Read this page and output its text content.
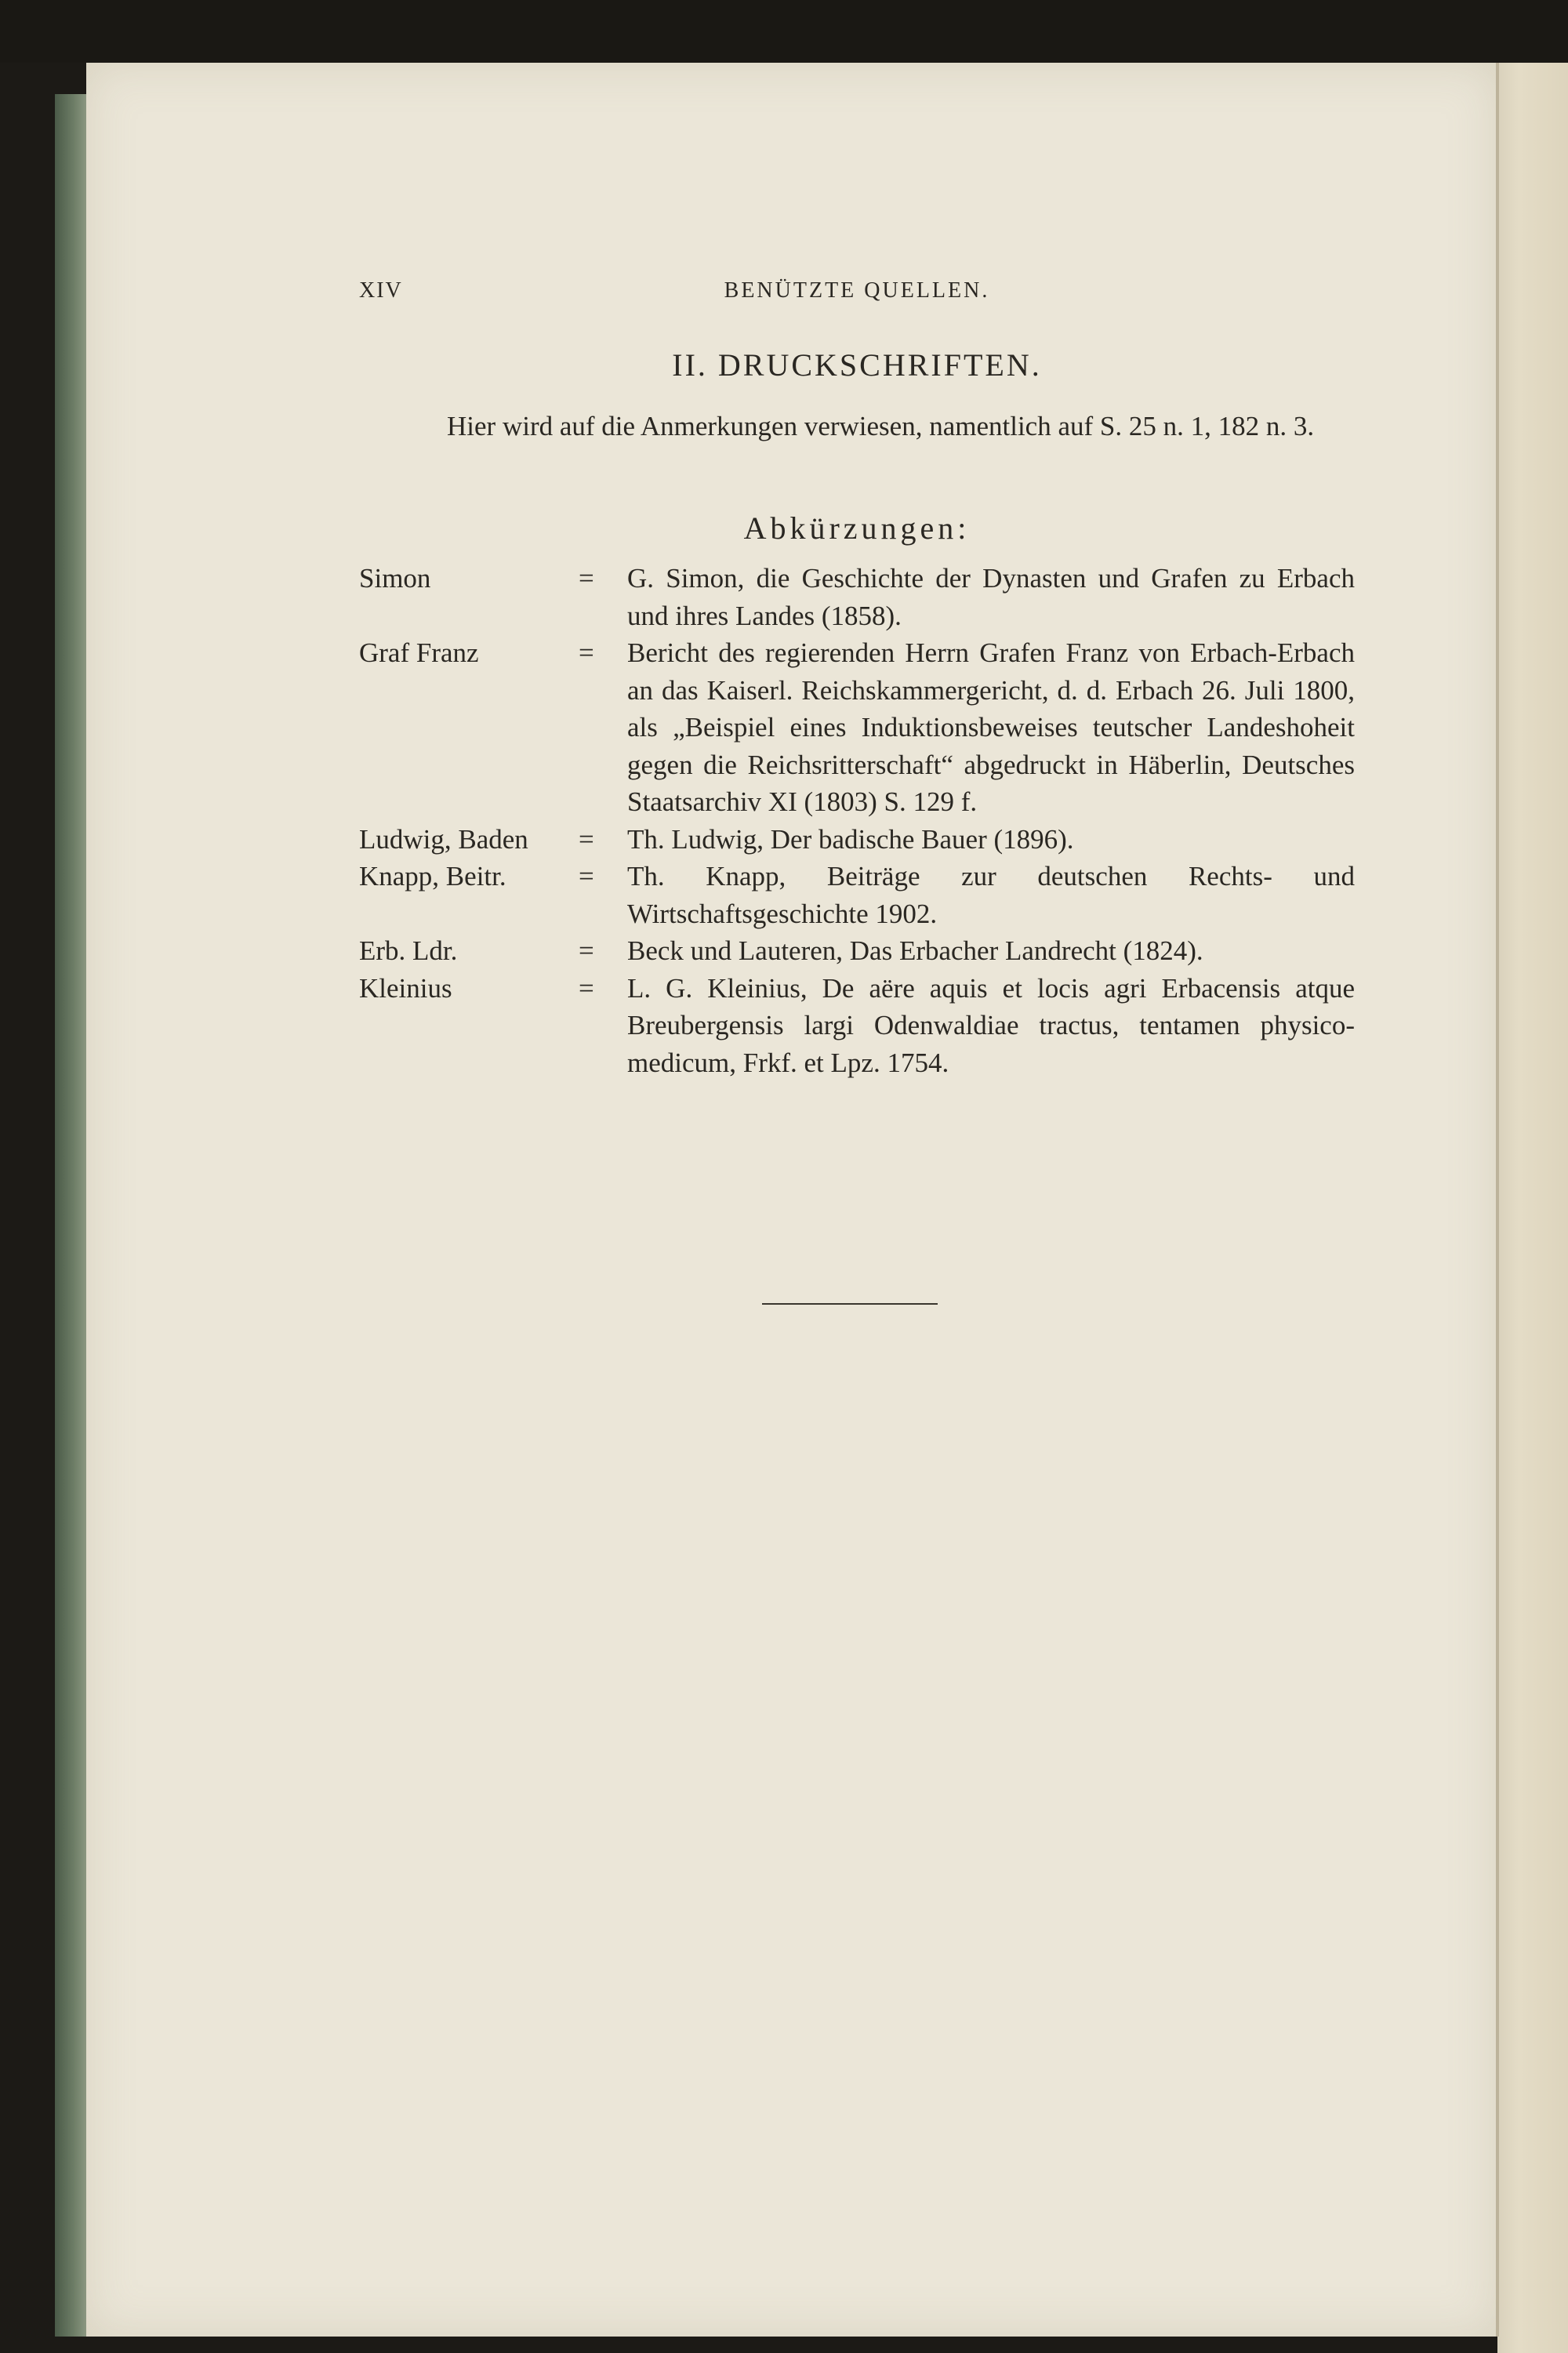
XIV	BENÜTZTE QUELLEN.
II. DRUCKSCHRIFTEN.
Hier wird auf die Anmerkungen verwiesen, namentlich auf S. 25 n. 1, 182 n. 3.
Abkürzungen:
Simon	=	G. Simon, die Geschichte der Dynasten und Grafen zu Erbach und ihres Landes (1858).
Graf Franz	=	Bericht des regierenden Herrn Grafen Franz von Erbach-Erbach an das Kaiserl. Reichskammergericht, d. d. Erbach 26. Juli 1800, als „Beispiel eines Induktionsbeweises teutscher Landeshoheit gegen die Reichsritterschaft“ abgedruckt in Häberlin, Deutsches Staatsarchiv XI (1803) S. 129 f.
Ludwig, Baden	=	Th. Ludwig, Der badische Bauer (1896).
Knapp, Beitr.	=	Th. Knapp, Beiträge zur deutschen Rechts- und Wirtschaftsgeschichte 1902.
Erb. Ldr.	=	Beck und Lauteren, Das Erbacher Landrecht (1824).
Kleinius	=	L. G. Kleinius, De aëre aquis et locis agri Erbacensis atque Breubergensis largi Odenwaldiae tractus, tentamen physico-medicum, Frkf. et Lpz. 1754.
